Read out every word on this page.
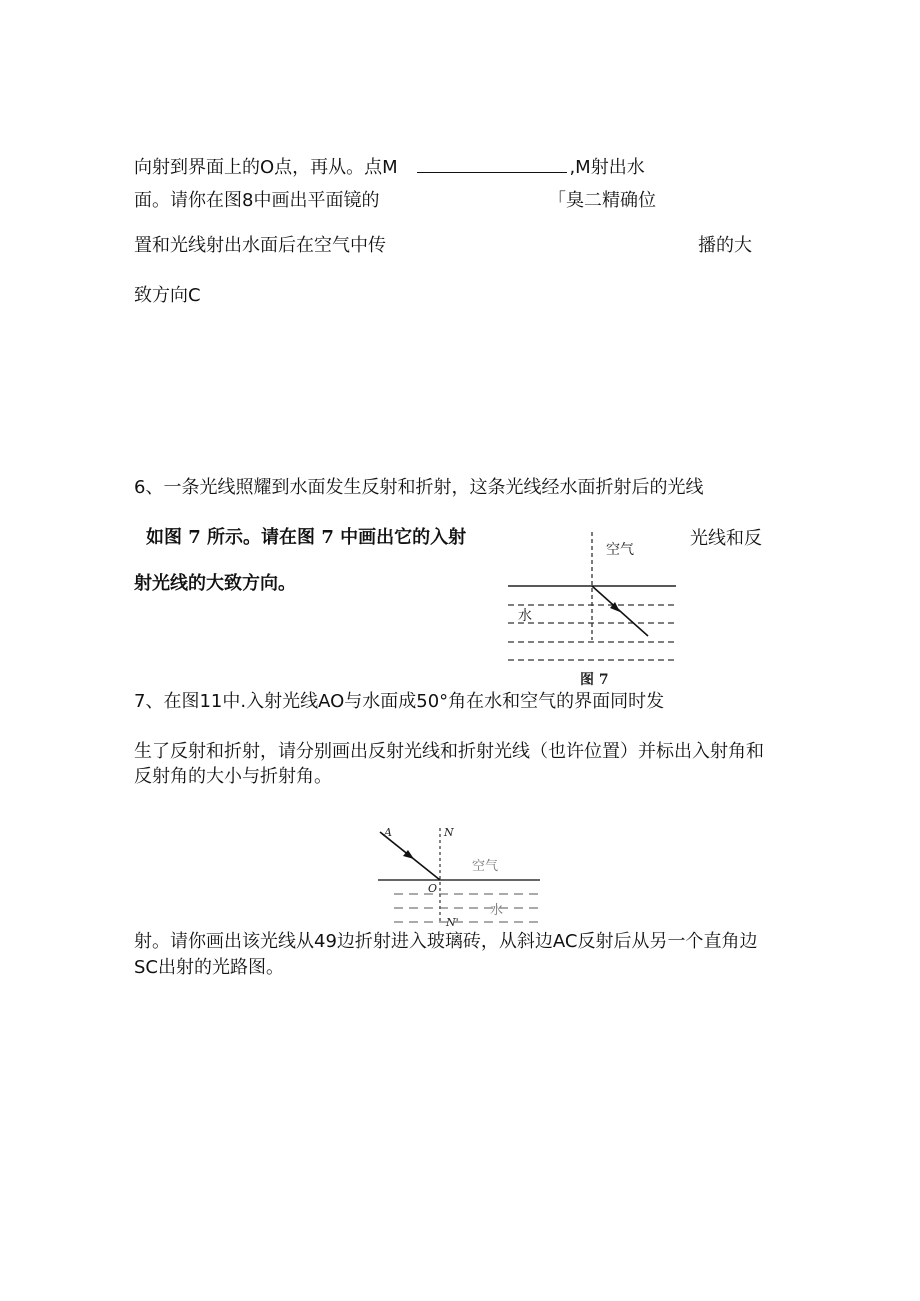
向射到界面上的O点，再从。点M	,M射出水
面。请你在图8中画出平面镜的	「臭二精确位
置和光线射出水面后在空气中传	播的大
致方向C
6、一条光线照耀到水面发生反射和折射，这条光线经水面折射后的光线
如图 7 所示。请在图 7 中画出它的入射
射光线的大致方向。
光线和反
空气
水
图 7
7、在图11中.入射光线AO与水面成50°角在水和空气的界面同时发
生了反射和折射，请分别画出反射光线和折射光线（也许位置）并标出入射角和
反射角的大小与折射角。
A	N
O
N'
空气
水
射。请你画出该光线从49边折射进入玻璃砖，从斜边AC反射后从另一个直角边
SC出射的光路图。
